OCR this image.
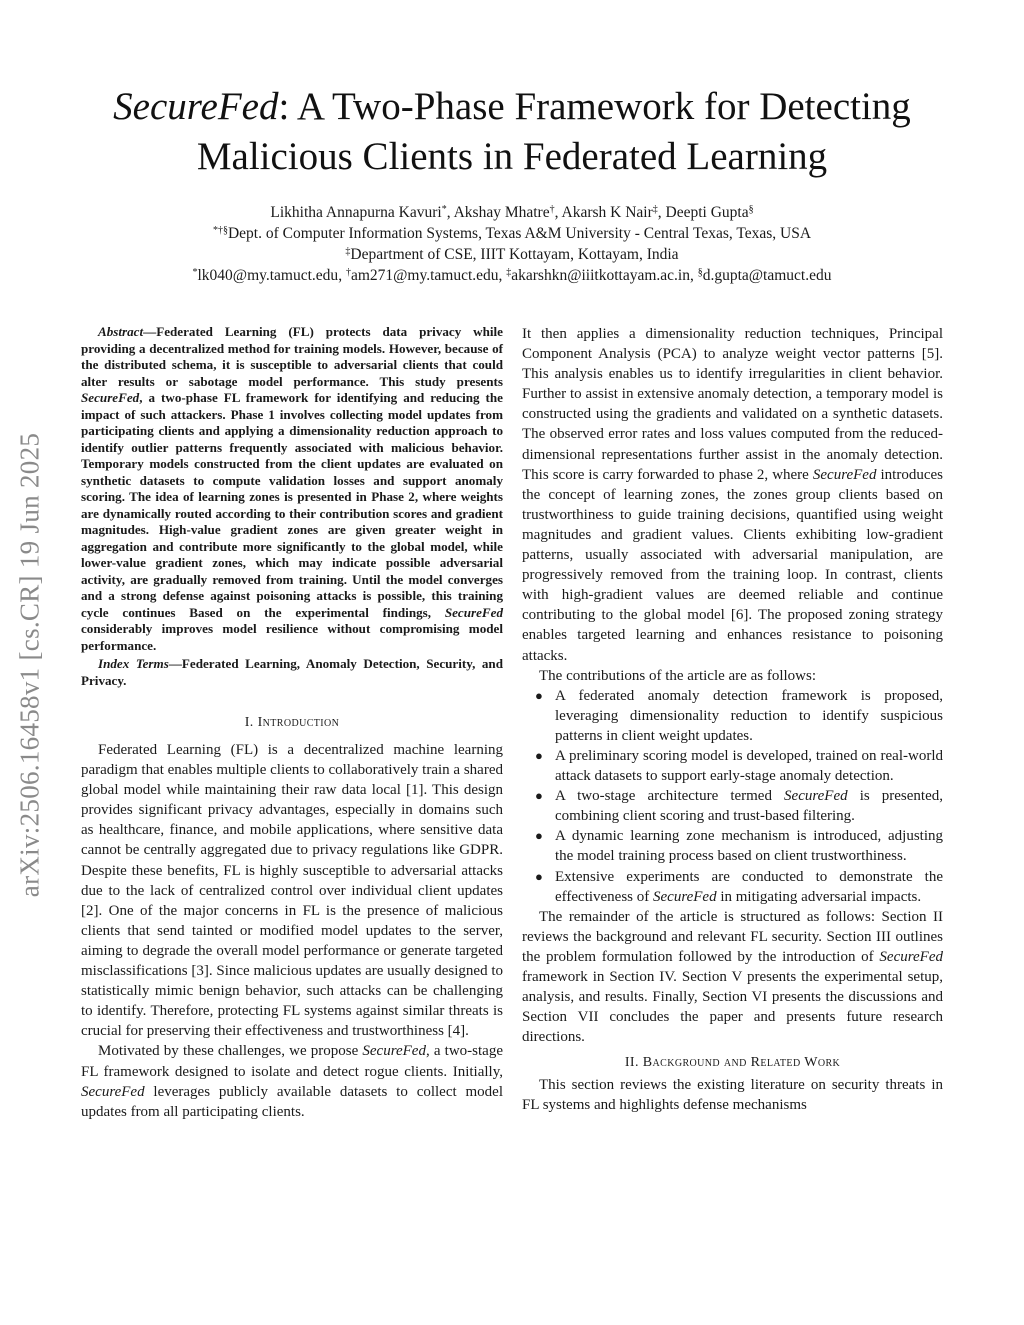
arXiv:2506.16458v1 [cs.CR] 19 Jun 2025
SecureFed: A Two-Phase Framework for Detecting
Malicious Clients in Federated Learning
Likhitha Annapurna Kavuri*, Akshay Mhatre†, Akarsh K Nair‡, Deepti Gupta§
*†§Dept. of Computer Information Systems, Texas A&M University - Central Texas, Texas, USA
‡Department of CSE, IIIT Kottayam, Kottayam, India
*lk040@my.tamuct.edu, †am271@my.tamuct.edu, ‡akarshkn@iiitkottayam.ac.in, §d.gupta@tamuct.edu
Abstract—Federated Learning (FL) protects data privacy while providing a decentralized method for training models. However, because of the distributed schema, it is susceptible to adversarial clients that could alter results or sabotage model performance. This study presents SecureFed, a two-phase FL framework for identifying and reducing the impact of such attackers. Phase 1 involves collecting model updates from participating clients and applying a dimensionality reduction approach to identify outlier patterns frequently associated with malicious behavior. Temporary models constructed from the client updates are evaluated on synthetic datasets to compute validation losses and support anomaly scoring. The idea of learning zones is presented in Phase 2, where weights are dynamically routed according to their contribution scores and gradient magnitudes. High-value gradient zones are given greater weight in aggregation and contribute more significantly to the global model, while lower-value gradient zones, which may indicate possible adversarial activity, are gradually removed from training. Until the model converges and a strong defense against poisoning attacks is possible, this training cycle continues Based on the experimental findings, SecureFed considerably improves model resilience without compromising model performance.
Index Terms—Federated Learning, Anomaly Detection, Security, and Privacy.
I. Introduction

Federated Learning (FL) is a decentralized machine learning paradigm that enables multiple clients to collaboratively train a shared global model while maintaining their raw data local [1]. This design provides significant privacy advantages, especially in domains such as healthcare, finance, and mobile applications, where sensitive data cannot be centrally aggregated due to privacy regulations like GDPR. Despite these benefits, FL is highly susceptible to adversarial attacks due to the lack of centralized control over individual client updates [2]. One of the major concerns in FL is the presence of malicious clients that send tainted or modified model updates to the server, aiming to degrade the overall model performance or generate targeted misclassifications [3]. Since malicious updates are usually designed to statistically mimic benign behavior, such attacks can be challenging to identify. Therefore, protecting FL systems against similar threats is crucial for preserving their effectiveness and trustworthiness [4].

Motivated by these challenges, we propose SecureFed, a two-stage FL framework designed to isolate and detect rogue clients. Initially, SecureFed leverages publicly available datasets to collect model updates from all participating clients.

It then applies a dimensionality reduction techniques, Principal Component Analysis (PCA) to analyze weight vector patterns [5]. This analysis enables us to identify irregularities in client behavior. Further to assist in extensive anomaly detection, a temporary model is constructed using the gradients and validated on a synthetic datasets. The observed error rates and loss values computed from the reduced-dimensional representations further assist in the anomaly detection. This score is carry forwarded to phase 2, where SecureFed introduces the concept of learning zones, the zones group clients based on trustworthiness to guide training decisions, quantified using weight magnitudes and gradient values. Clients exhibiting low-gradient patterns, usually associated with adversarial manipulation, are progressively removed from the training loop. In contrast, clients with high-gradient values are deemed reliable and continue contributing to the global model [6]. The proposed zoning strategy enables targeted learning and enhances resistance to poisoning attacks.

The contributions of the article are as follows:

● A federated anomaly detection framework is proposed, leveraging dimensionality reduction to identify suspicious patterns in client weight updates.
● A preliminary scoring model is developed, trained on real-world attack datasets to support early-stage anomaly detection.
● A two-stage architecture termed SecureFed is presented, combining client scoring and trust-based filtering.
● A dynamic learning zone mechanism is introduced, adjusting the model training process based on client trustworthiness.
● Extensive experiments are conducted to demonstrate the effectiveness of SecureFed in mitigating adversarial impacts.

The remainder of the article is structured as follows: Section II reviews the background and relevant FL security. Section III outlines the problem formulation followed by the introduction of SecureFed framework in Section IV. Section V presents the experimental setup, analysis, and results. Finally, Section VI presents the discussions and Section VII concludes the paper and presents future research directions.

II. Background and Related Work

This section reviews the existing literature on security threats in FL systems and highlights defense mechanisms
